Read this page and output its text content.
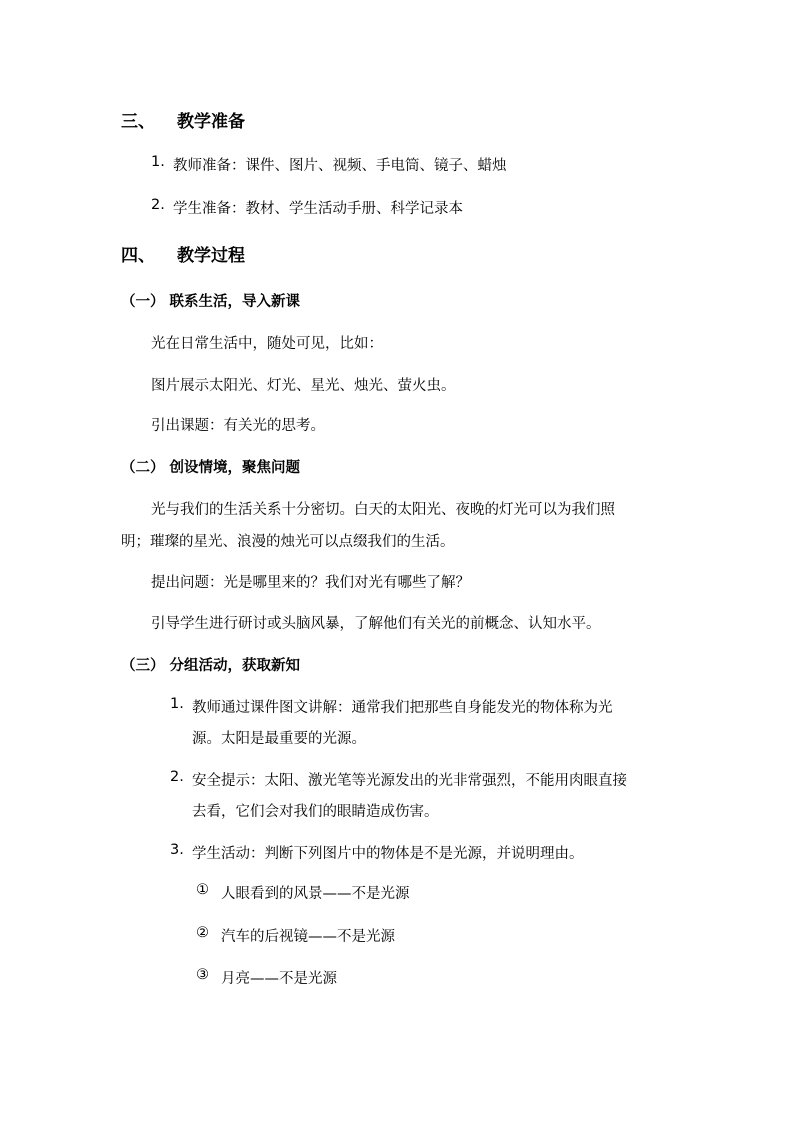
三、 教学准备
1. 教师准备：课件、图片、视频、手电筒、镜子、蜡烛
2. 学生准备：教材、学生活动手册、科学记录本
四、 教学过程
（一） 联系生活，导入新课
光在日常生活中，随处可见，比如：
图片展示太阳光、灯光、星光、烛光、萤火虫。
引出课题：有关光的思考。
（二） 创设情境，聚焦问题
光与我们的生活关系十分密切。白天的太阳光、夜晚的灯光可以为我们照
明；璀璨的星光、浪漫的烛光可以点缀我们的生活。
提出问题：光是哪里来的？我们对光有哪些了解？
引导学生进行研讨或头脑风暴，了解他们有关光的前概念、认知水平。
（三） 分组活动，获取新知
1. 教师通过课件图文讲解：通常我们把那些自身能发光的物体称为光
源。太阳是最重要的光源。
2. 安全提示：太阳、激光笔等光源发出的光非常强烈，不能用肉眼直接
去看，它们会对我们的眼睛造成伤害。
3. 学生活动：判断下列图片中的物体是不是光源，并说明理由。
① 人眼看到的风景——不是光源
② 汽车的后视镜——不是光源
③ 月亮——不是光源
